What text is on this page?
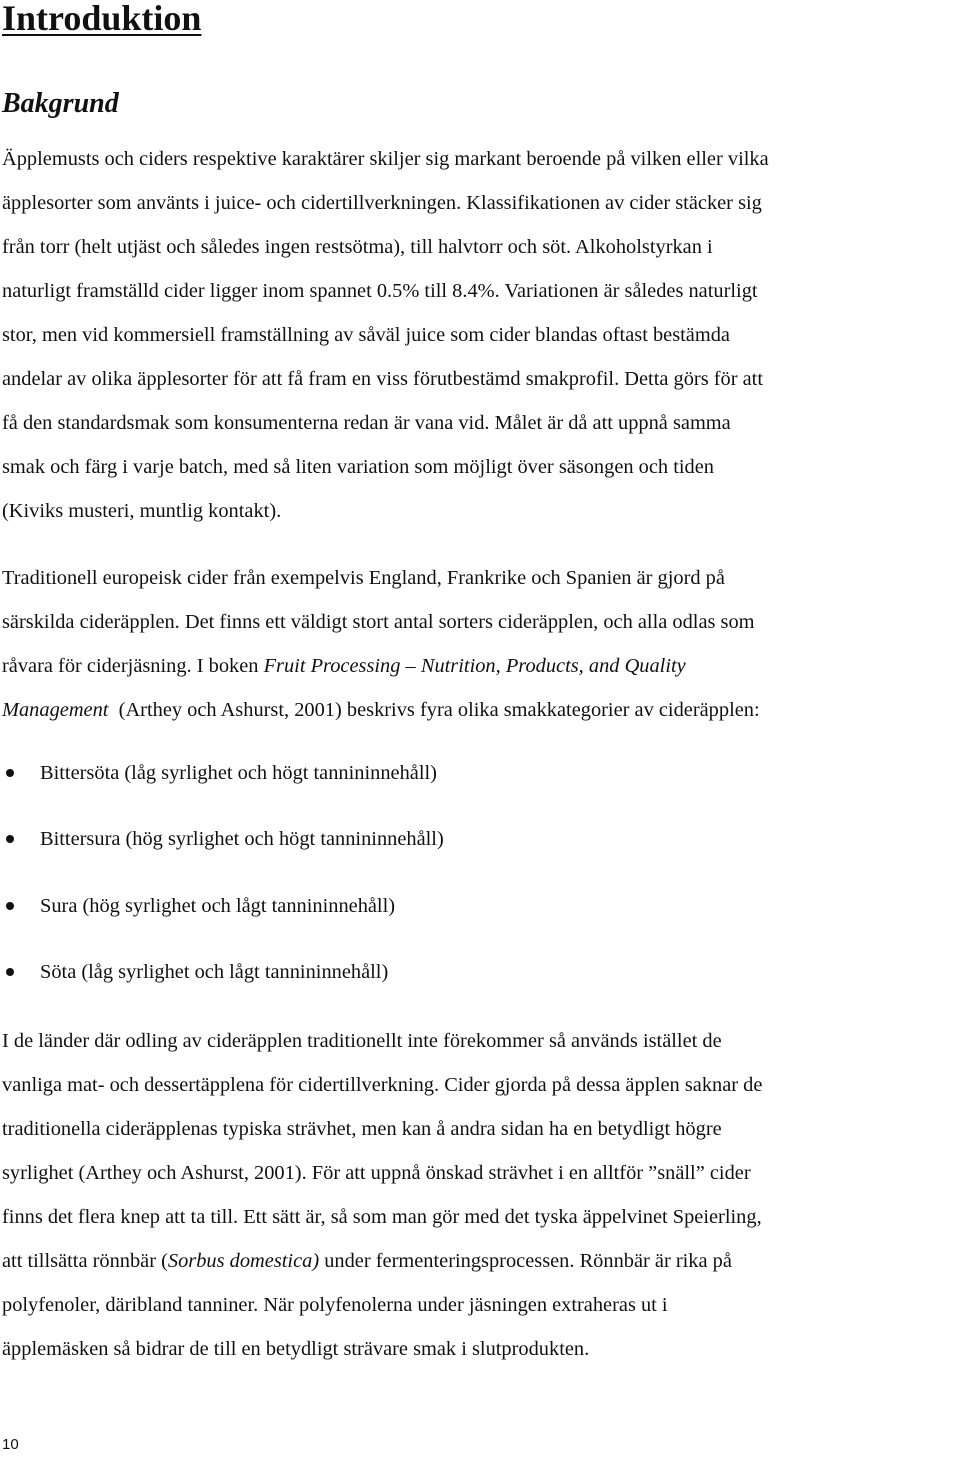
Introduktion
Bakgrund
Äpplemusts och ciders respektive karaktärer skiljer sig markant beroende på vilken eller vilka
äpplesorter som använts i juice- och cidertillverkningen. Klassifikationen av cider stäcker sig
från torr (helt utjäst och således ingen restsötma), till halvtorr och söt. Alkoholstyrkan i
naturligt framställd cider ligger inom spannet 0.5% till 8.4%. Variationen är således naturligt
stor, men vid kommersiell framställning av såväl juice som cider blandas oftast bestämda
andelar av olika äpplesorter för att få fram en viss förutbestämd smakprofil. Detta görs för att
få den standardsmak som konsumenterna redan är vana vid. Målet är då att uppnå samma
smak och färg i varje batch, med så liten variation som möjligt över säsongen och tiden
(Kiviks musteri, muntlig kontakt).
Traditionell europeisk cider från exempelvis England, Frankrike och Spanien är gjord på
särskilda cideräpplen. Det finns ett väldigt stort antal sorters cideräpplen, och alla odlas som
råvara för ciderjäsning. I boken Fruit Processing – Nutrition, Products, and Quality
Management  (Arthey och Ashurst, 2001) beskrivs fyra olika smakkategorier av cideräpplen:
Bittersöta (låg syrlighet och högt tannininnehåll)
Bittersura (hög syrlighet och högt tannininnehåll)
Sura (hög syrlighet och lågt tannininnehåll)
Söta (låg syrlighet och lågt tannininnehåll)
I de länder där odling av cideräpplen traditionellt inte förekommer så används istället de
vanliga mat- och dessertäpplena för cidertillverkning. Cider gjorda på dessa äpplen saknar de
traditionella cideräpplenas typiska strävhet, men kan å andra sidan ha en betydligt högre
syrlighet (Arthey och Ashurst, 2001). För att uppnå önskad strävhet i en alltför ”snäll” cider
finns det flera knep att ta till. Ett sätt är, så som man gör med det tyska äppelvinet Speierling,
att tillsätta rönnbär (Sorbus domestica) under fermenteringsprocessen. Rönnbär är rika på
polyfenoler, däribland tanniner. När polyfenolerna under jäsningen extraheras ut i
äpplemäsken så bidrar de till en betydligt strävare smak i slutprodukten.
10
